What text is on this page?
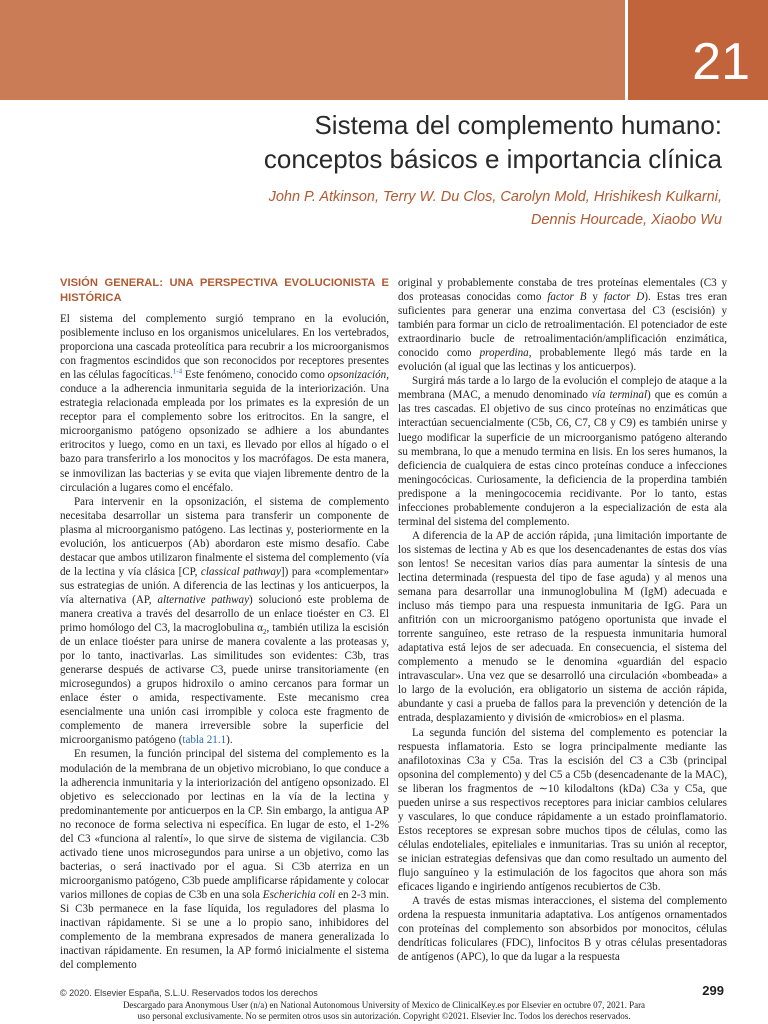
21
Sistema del complemento humano:
conceptos básicos e importancia clínica
John P. Atkinson, Terry W. Du Clos, Carolyn Mold, Hrishikesh Kulkarni,
Dennis Hourcade, Xiaobo Wu
VISIÓN GENERAL: UNA PERSPECTIVA EVOLUCIONISTA E HISTÓRICA

El sistema del complemento surgió temprano en la evolución, posiblemente incluso en los organismos unicelulares. En los vertebrados, proporciona una cascada proteolítica para recubrir a los microorganismos con fragmentos escindidos que son reconocidos por receptores presentes en las células fagocíticas.$^{1-4}$ Este fenómeno, conocido como opsonización, conduce a la adherencia inmunitaria seguida de la interiorización. Una estrategia relacionada empleada por los primates es la expresión de un receptor para el complemento sobre los eritrocitos. En la sangre, el microorganismo patógeno opsonizado se adhiere a los abundantes eritrocitos y luego, como en un taxi, es llevado por ellos al hígado o el bazo para transferirlo a los monocitos y los macrófagos. De esta manera, se inmovilizan las bacterias y se evita que viajen libremente dentro de la circulación a lugares como el encéfalo.

Para intervenir en la opsonización, el sistema de complemento necesitaba desarrollar un sistema para transferir un componente de plasma al microorganismo patógeno. Las lectinas y, posteriormente en la evolución, los anticuerpos (Ab) abordaron este mismo desafío. Cabe destacar que ambos utilizaron finalmente el sistema del complemento (vía de la lectina y vía clásica [CP, classical pathway]) para «complementar» sus estrategias de unión. A diferencia de las lectinas y los anticuerpos, la vía alternativa (AP, alternative pathway) solucionó este problema de manera creativa a través del desarrollo de un enlace tioéster en C3. El primo homólogo del C3, la macroglobulina $\alpha_2$, también utiliza la escisión de un enlace tioéster para unirse de manera covalente a las proteasas y, por lo tanto, inactivarlas. Las similitudes son evidentes: C3b, tras generarse después de activarse C3, puede unirse transitoriamente (en microsegundos) a grupos hidroxilo o amino cercanos para formar un enlace éster o amida, respectivamente. Este mecanismo crea esencialmente una unión casi irrompible y coloca este fragmento de complemento de manera irreversible sobre la superficie del microorganismo patógeno (tabla 21.1).

En resumen, la función principal del sistema del complemento es la modulación de la membrana de un objetivo microbiano, lo que conduce a la adherencia inmunitaria y la interiorización del antígeno opsonizado. El objetivo es seleccionado por lectinas en la vía de la lectina y predominantemente por anticuerpos en la CP. Sin embargo, la antigua AP no reconoce de forma selectiva ni específica. En lugar de esto, el 1-2% del C3 «funciona al ralentí», lo que sirve de sistema de vigilancia. C3b activado tiene unos microsegundos para unirse a un objetivo, como las bacterias, o será inactivado por el agua. Si C3b aterriza en un microorganismo patógeno, C3b puede amplificarse rápidamente y colocar varios millones de copias de C3b en una sola Escherichia coli en 2-3 min. Si C3b permanece en la fase líquida, los reguladores del plasma lo inactivan rápidamente. Si se une a lo propio sano, inhibidores del complemento de la membrana expresados de manera generalizada lo inactivan rápidamente. En resumen, la AP formó inicialmente el sistema del complemento

original y probablemente constaba de tres proteínas elementales (C3 y dos proteasas conocidas como factor B y factor D). Estas tres eran suficientes para generar una enzima convertasa del C3 (escisión) y también para formar un ciclo de retroalimentación. El potenciador de este extraordinario bucle de retroalimentación/amplificación enzimática, conocido como properdina, probablemente llegó más tarde en la evolución (al igual que las lectinas y los anticuerpos).

Surgirá más tarde a lo largo de la evolución el complejo de ataque a la membrana (MAC, a menudo denominado vía terminal) que es común a las tres cascadas. El objetivo de sus cinco proteínas no enzimáticas que interactúan secuencialmente (C5b, C6, C7, C8 y C9) es también unirse y luego modificar la superficie de un microorganismo patógeno alterando su membrana, lo que a menudo termina en lisis. En los seres humanos, la deficiencia de cualquiera de estas cinco proteínas conduce a infecciones meningocócicas. Curiosamente, la deficiencia de la properdina también predispone a la meningococemia recidivante. Por lo tanto, estas infecciones probablemente condujeron a la especialización de esta ala terminal del sistema del complemento.

A diferencia de la AP de acción rápida, ¡una limitación importante de los sistemas de lectina y Ab es que los desencadenantes de estas dos vías son lentos! Se necesitan varios días para aumentar la síntesis de una lectina determinada (respuesta del tipo de fase aguda) y al menos una semana para desarrollar una inmunoglobulina M (IgM) adecuada e incluso más tiempo para una respuesta inmunitaria de IgG. Para un anfitrión con un microorganismo patógeno oportunista que invade el torrente sanguíneo, este retraso de la respuesta inmunitaria humoral adaptativa está lejos de ser adecuada. En consecuencia, el sistema del complemento a menudo se le denomina «guardián del espacio intravascular». Una vez que se desarrolló una circulación «bombeada» a lo largo de la evolución, era obligatorio un sistema de acción rápida, abundante y casi a prueba de fallos para la prevención y detención de la entrada, desplazamiento y división de «microbios» en el plasma.

La segunda función del sistema del complemento es potenciar la respuesta inflamatoria. Esto se logra principalmente mediante las anafilotoxinas C3a y C5a. Tras la escisión del C3 a C3b (principal opsonina del complemento) y del C5 a C5b (desencadenante de la MAC), se liberan los fragmentos de ∼10 kilodaltons (kDa) C3a y C5a, que pueden unirse a sus respectivos receptores para iniciar cambios celulares y vasculares, lo que conduce rápidamente a un estado proinflamatorio. Estos receptores se expresan sobre muchos tipos de células, como las células endoteliales, epiteliales e inmunitarias. Tras su unión al receptor, se inician estrategias defensivas que dan como resultado un aumento del flujo sanguíneo y la estimulación de los fagocitos que ahora son más eficaces ligando e ingiriendo antígenos recubiertos de C3b.

A través de estas mismas interacciones, el sistema del complemento ordena la respuesta inmunitaria adaptativa. Los antígenos ornamentados con proteínas del complemento son absorbidos por monocitos, células dendríticas foliculares (FDC), linfocitos B y otras células presentadoras de antígenos (APC), lo que da lugar a la respuesta

© 2020. Elsevier España, S.L.U. Reservados todos los derechos	299
Descargado para Anonymous User (n/a) en National Autonomous University of Mexico de ClinicalKey.es por Elsevier en octubre 07, 2021. Para
uso personal exclusivamente. No se permiten otros usos sin autorización. Copyright ©2021. Elsevier Inc. Todos los derechos reservados.
